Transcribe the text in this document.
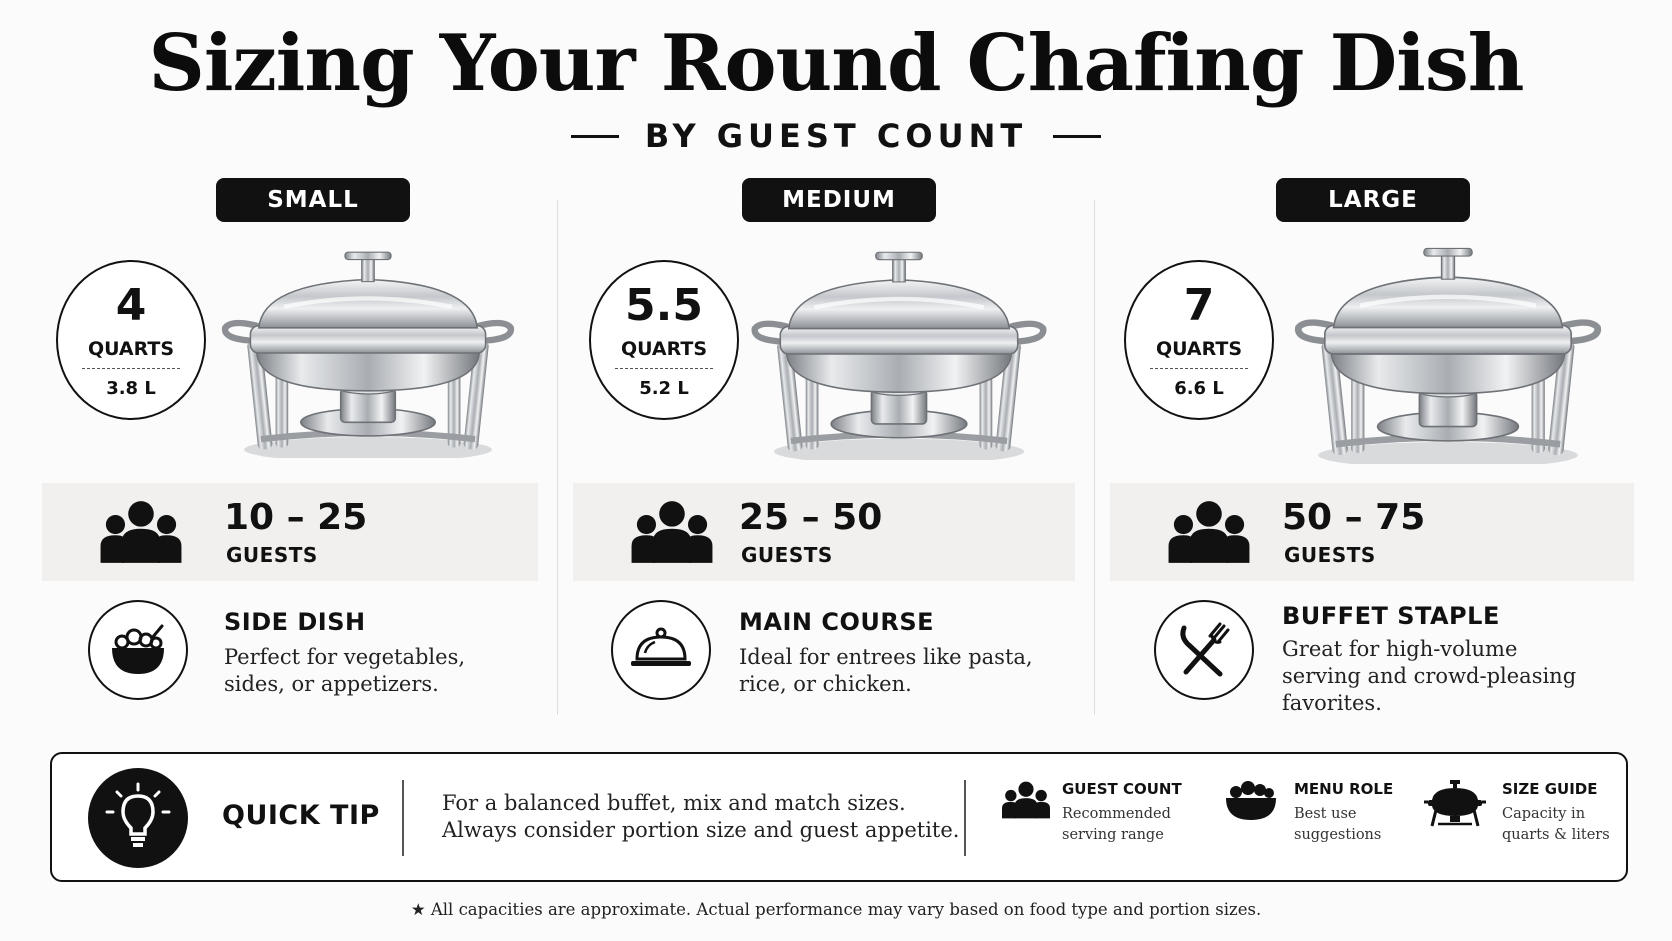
Sizing Your Round Chafing Dish
BY GUEST COUNT
SMALL
4
QUARTS
3.8 L
10 – 25
GUESTS
SIDE DISH
Perfect for vegetables,
sides, or appetizers.
MEDIUM
5.5
QUARTS
5.2 L
25 – 50
GUESTS
MAIN COURSE
Ideal for entrees like pasta,
rice, or chicken.
LARGE
7
QUARTS
6.6 L
50 – 75
GUESTS
BUFFET STAPLE
Great for high-volume
serving and crowd-pleasing
favorites.
QUICK TIP	For a balanced buffet, mix and match sizes.
Always consider portion size and guest appetite.
GUEST COUNT
Recommended
serving range
MENU ROLE
Best use
suggestions
SIZE GUIDE
Capacity in
quarts & liters
★ All capacities are approximate. Actual performance may vary based on food type and portion sizes.
